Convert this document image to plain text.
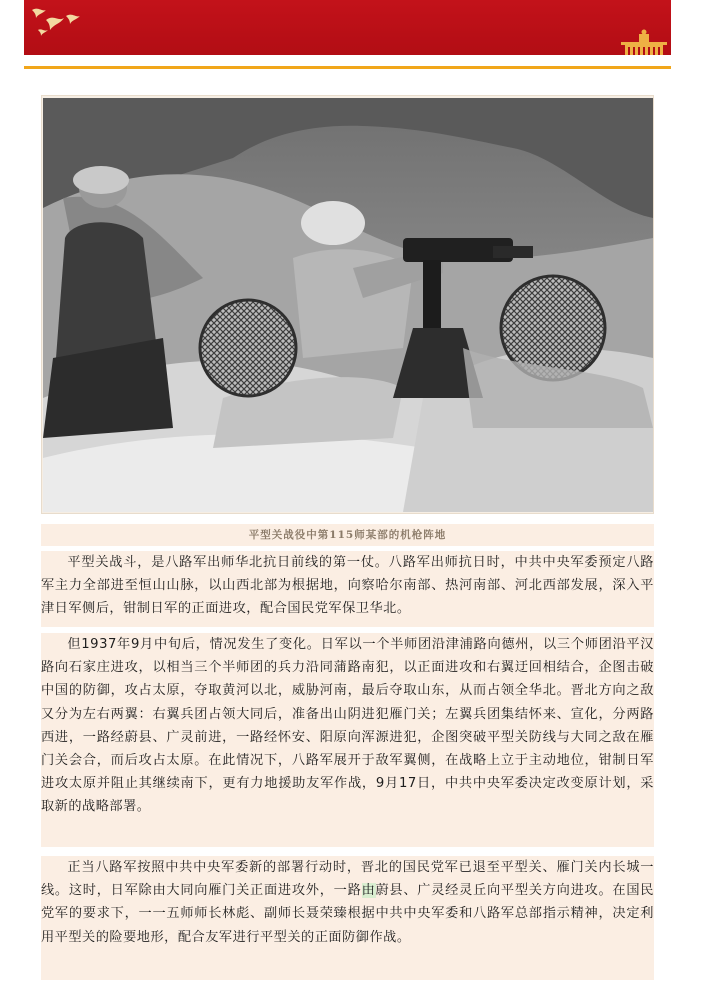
平型关战役中第115师某部的机枪阵地

平型关战斗，是八路军出师华北抗日前线的第一仗。八路军出师抗日时，中共中央军委预定八路军主力全部进至恒山山脉，以山西北部为根据地，向察哈尔南部、热河南部、河北西部发展，深入平津日军侧后，钳制日军的正面进攻，配合国民党军保卫华北。

但1937年9月中旬后，情况发生了变化。日军以一个半师团沿津浦路向德州，以三个师团沿平汉路向石家庄进攻，以相当三个半师团的兵力沿同蒲路南犯，以正面进攻和右翼迂回相结合，企图击破中国的防御，攻占太原，夺取黄河以北，威胁河南，最后夺取山东，从而占领全华北。晋北方向之敌又分为左右两翼：右翼兵团占领大同后，准备出山阴进犯雁门关；左翼兵团集结怀来、宣化，分两路西进，一路经蔚县、广灵前进，一路经怀安、阳原向浑源进犯，企图突破平型关防线与大同之敌在雁门关会合，而后攻占太原。在此情况下，八路军展开于敌军翼侧，在战略上立于主动地位，钳制日军进攻太原并阻止其继续南下，更有力地援助友军作战，9月17日，中共中央军委决定改变原计划，采取新的战略部署。

正当八路军按照中共中央军委新的部署行动时，晋北的国民党军已退至平型关、雁门关内长城一线。这时，日军除由大同向雁门关正面进攻外，一路由蔚县、广灵经灵丘向平型关方向进攻。在国民党军的要求下，一一五师师长林彪、副师长聂荣臻根据中共中央军委和八路军总部指示精神，决定利用平型关的险要地形，配合友军进行平型关的正面防御作战。
